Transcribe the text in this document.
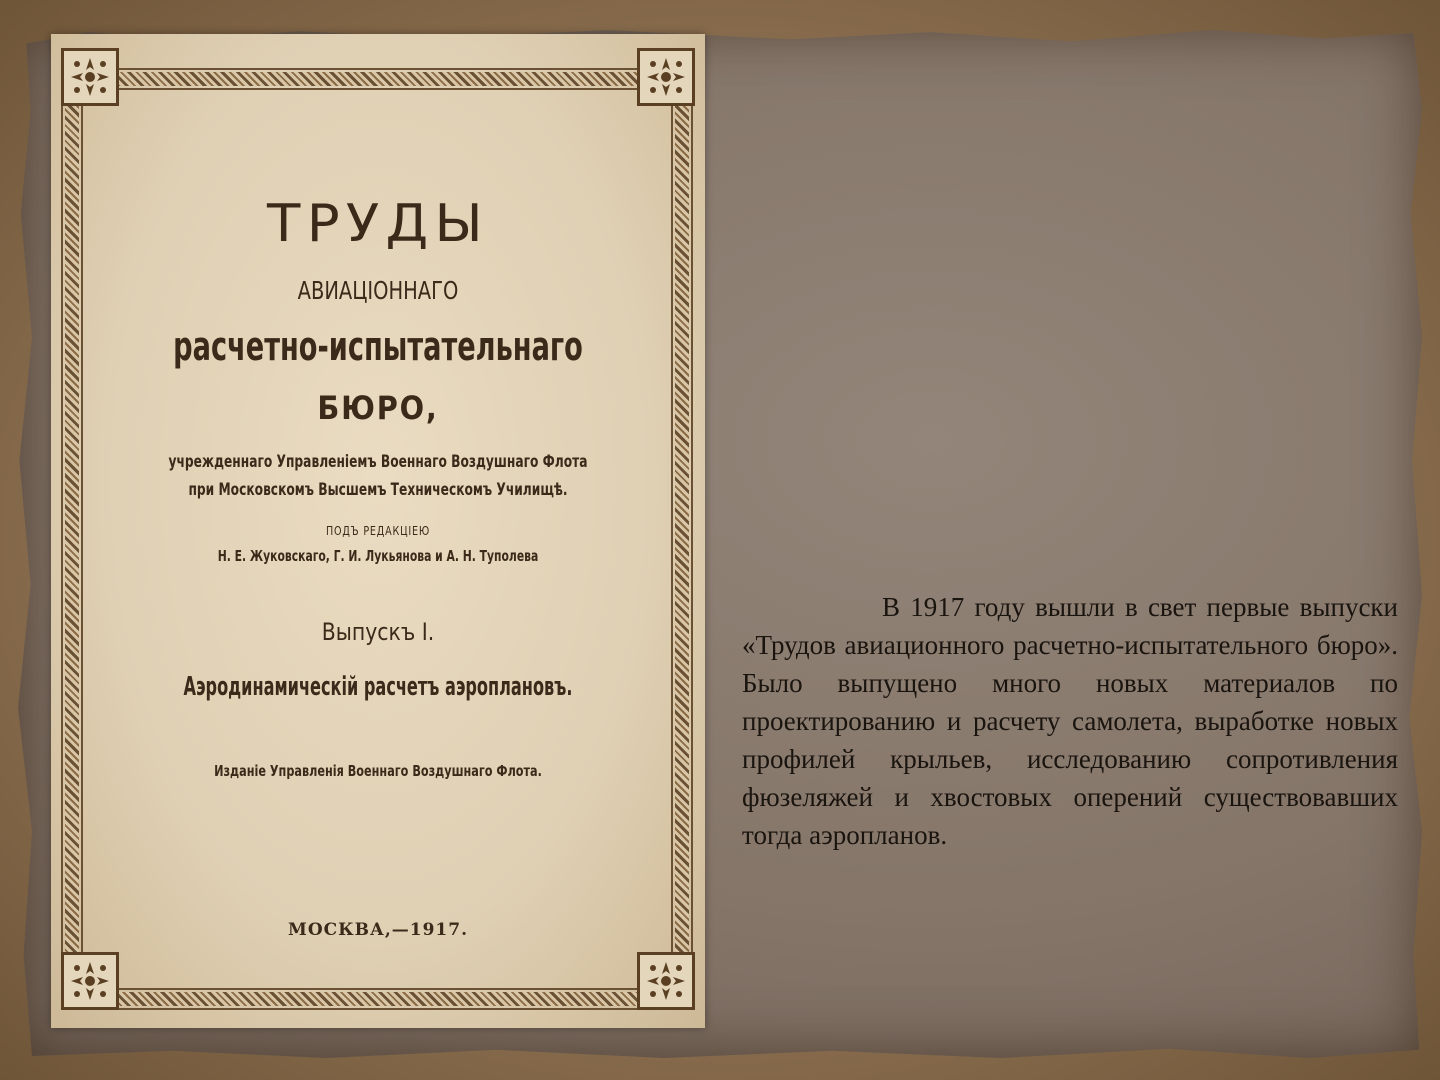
ТРУДЫ
АВИАЦІОННАГО
расчетно-испытательнаго
БЮРО,
учрежденнаго Управленіемъ Военнаго Воздушнаго Флота
при Московскомъ Высшемъ Техническомъ Училищѣ.
ПОДЪ РЕДАКЦІЕЮ
Н. Е. Жуковскаго, Г. И. Лукьянова и А. Н. Туполева
Выпускъ I.
Аэродинамическій расчетъ аэроплановъ.
Изданіе Управленія Военнаго Воздушнаго Флота.
МОСКВА,—1917.
В 1917 году вышли в свет первые выпуски «Трудов авиационного расчетно-испытательного бюро». Было выпущено много новых материалов по проектированию и расчету самолета, выработке новых профилей крыльев, исследованию сопротивления фюзеляжей и хвостовых оперений существовавших тогда аэропланов.
